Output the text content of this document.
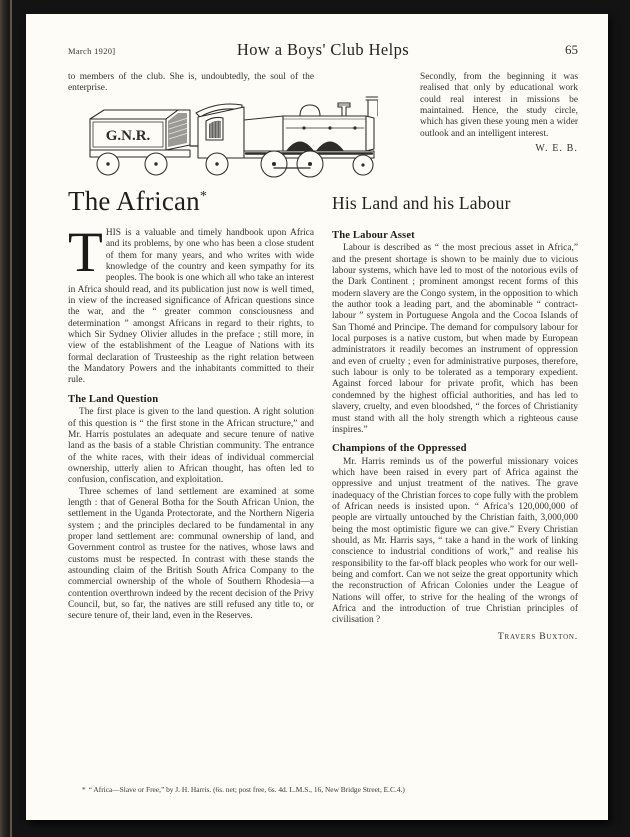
March 1920]	How a Boys' Club Helps	65

to members of the club. She is, undoubtedly, the soul of the enterprise.

Secondly, from the beginning it was realised that only by educational work could real interest in missions be maintained. Hence, the study circle, which has given these young men a wider outlook and an intelligent interest.

W. E. B.
G.N.R.
The African*	His Land and his Labour

THIS is a valuable and timely handbook upon Africa and its problems, by one who has been a close student of them for many years, and who writes with wide knowledge of the country and keen sympathy for its peoples. The book is one which all who take an interest in Africa should read, and its publication just now is well timed, in view of the increased significance of African questions since the war, and the “ greater common consciousness and determination ” amongst Africans in regard to their rights, to which Sir Sydney Olivier alludes in the preface ; still more, in view of the establishment of the League of Nations with its formal declaration of Trusteeship as the right relation between the Mandatory Powers and the inhabitants committed to their rule.

The Land Question

The first place is given to the land question. A right solution of this question is “ the first stone in the African structure,” and Mr. Harris postulates an adequate and secure tenure of native land as the basis of a stable Christian community. The entrance of the white races, with their ideas of individual commercial ownership, utterly alien to African thought, has often led to confusion, confiscation, and exploitation.

Three schemes of land settlement are examined at some length : that of General Botha for the South African Union, the settlement in the Uganda Protectorate, and the Northern Nigeria system ; and the principles declared to be fundamental in any proper land settlement are: communal ownership of land, and Government control as trustee for the natives, whose laws and customs must be respected. In contrast with these stands the astounding claim of the British South Africa Company to the commercial ownership of the whole of Southern Rhodesia—a contention overthrown indeed by the recent decision of the Privy Council, but, so far, the natives are still refused any title to, or secure tenure of, their land, even in the Reserves.

The Labour Asset

Labour is described as “ the most precious asset in Africa,” and the present shortage is shown to be mainly due to vicious labour systems, which have led to most of the notorious evils of the Dark Continent ; prominent amongst recent forms of this modern slavery are the Congo system, in the opposition to which the author took a leading part, and the abominable “ contract-labour ” system in Portuguese Angola and the Cocoa Islands of San Thomé and Principe. The demand for compulsory labour for local purposes is a native custom, but when made by European administrators it readily becomes an instrument of oppression and even of cruelty ; even for administrative purposes, therefore, such labour is only to be tolerated as a temporary expedient. Against forced labour for private profit, which has been condemned by the highest official authorities, and has led to slavery, cruelty, and even bloodshed, “ the forces of Christianity must stand with all the holy strength which a righteous cause inspires.”

Champions of the Oppressed

Mr. Harris reminds us of the powerful missionary voices which have been raised in every part of Africa against the oppressive and unjust treatment of the natives. The grave inadequacy of the Christian forces to cope fully with the problem of African needs is insisted upon. “ Africa’s 120,000,000 of people are virtually untouched by the Christian faith, 3,000,000 being the most optimistic figure we can give.” Every Christian should, as Mr. Harris says, “ take a hand in the work of linking conscience to industrial conditions of work,” and realise his responsibility to the far-off black peoples who work for our well-being and comfort. Can we not seize the great opportunity which the reconstruction of African Colonies under the League of Nations will offer, to strive for the healing of the wrongs of Africa and the introduction of true Christian principles of civilisation ?

Travers Buxton.
* “ Africa—Slave or Free,” by J. H. Harris. (6s. net; post free, 6s. 4d. L.M.S., 16, New Bridge Street, E.C.4.)
